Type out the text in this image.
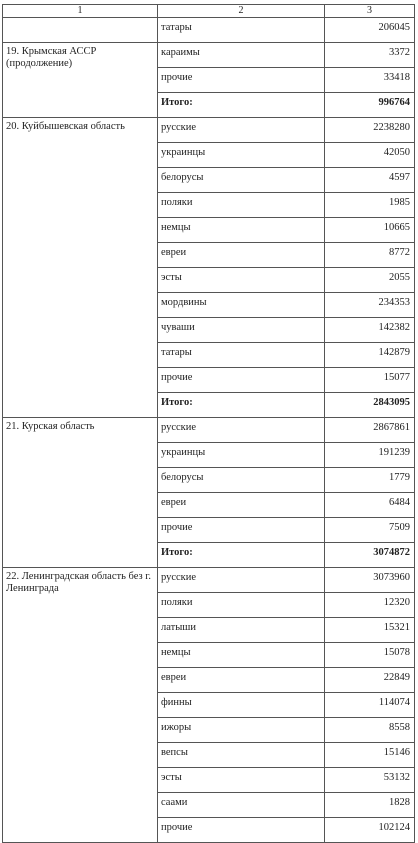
1	2	3
	татары	206045
19. Крымская АССР (продолжение)	караимы	3372
	прочие	33418
	Итого:	996764
20. Куйбышевская область	русские	2238280
	украинцы	42050
	белорусы	4597
	поляки	1985
	немцы	10665
	евреи	8772
	эсты	2055
	мордвины	234353
	чуваши	142382
	татары	142879
	прочие	15077
	Итого:	2843095
21. Курская область	русские	2867861
	украинцы	191239
	белорусы	1779
	евреи	6484
	прочие	7509
	Итого:	3074872
22. Ленинградская область без г. Ленинграда	русские	3073960
	поляки	12320
	латыши	15321
	немцы	15078
	евреи	22849
	финны	114074
	ижоры	8558
	вепсы	15146
	эсты	53132
	саами	1828
	прочие	102124
